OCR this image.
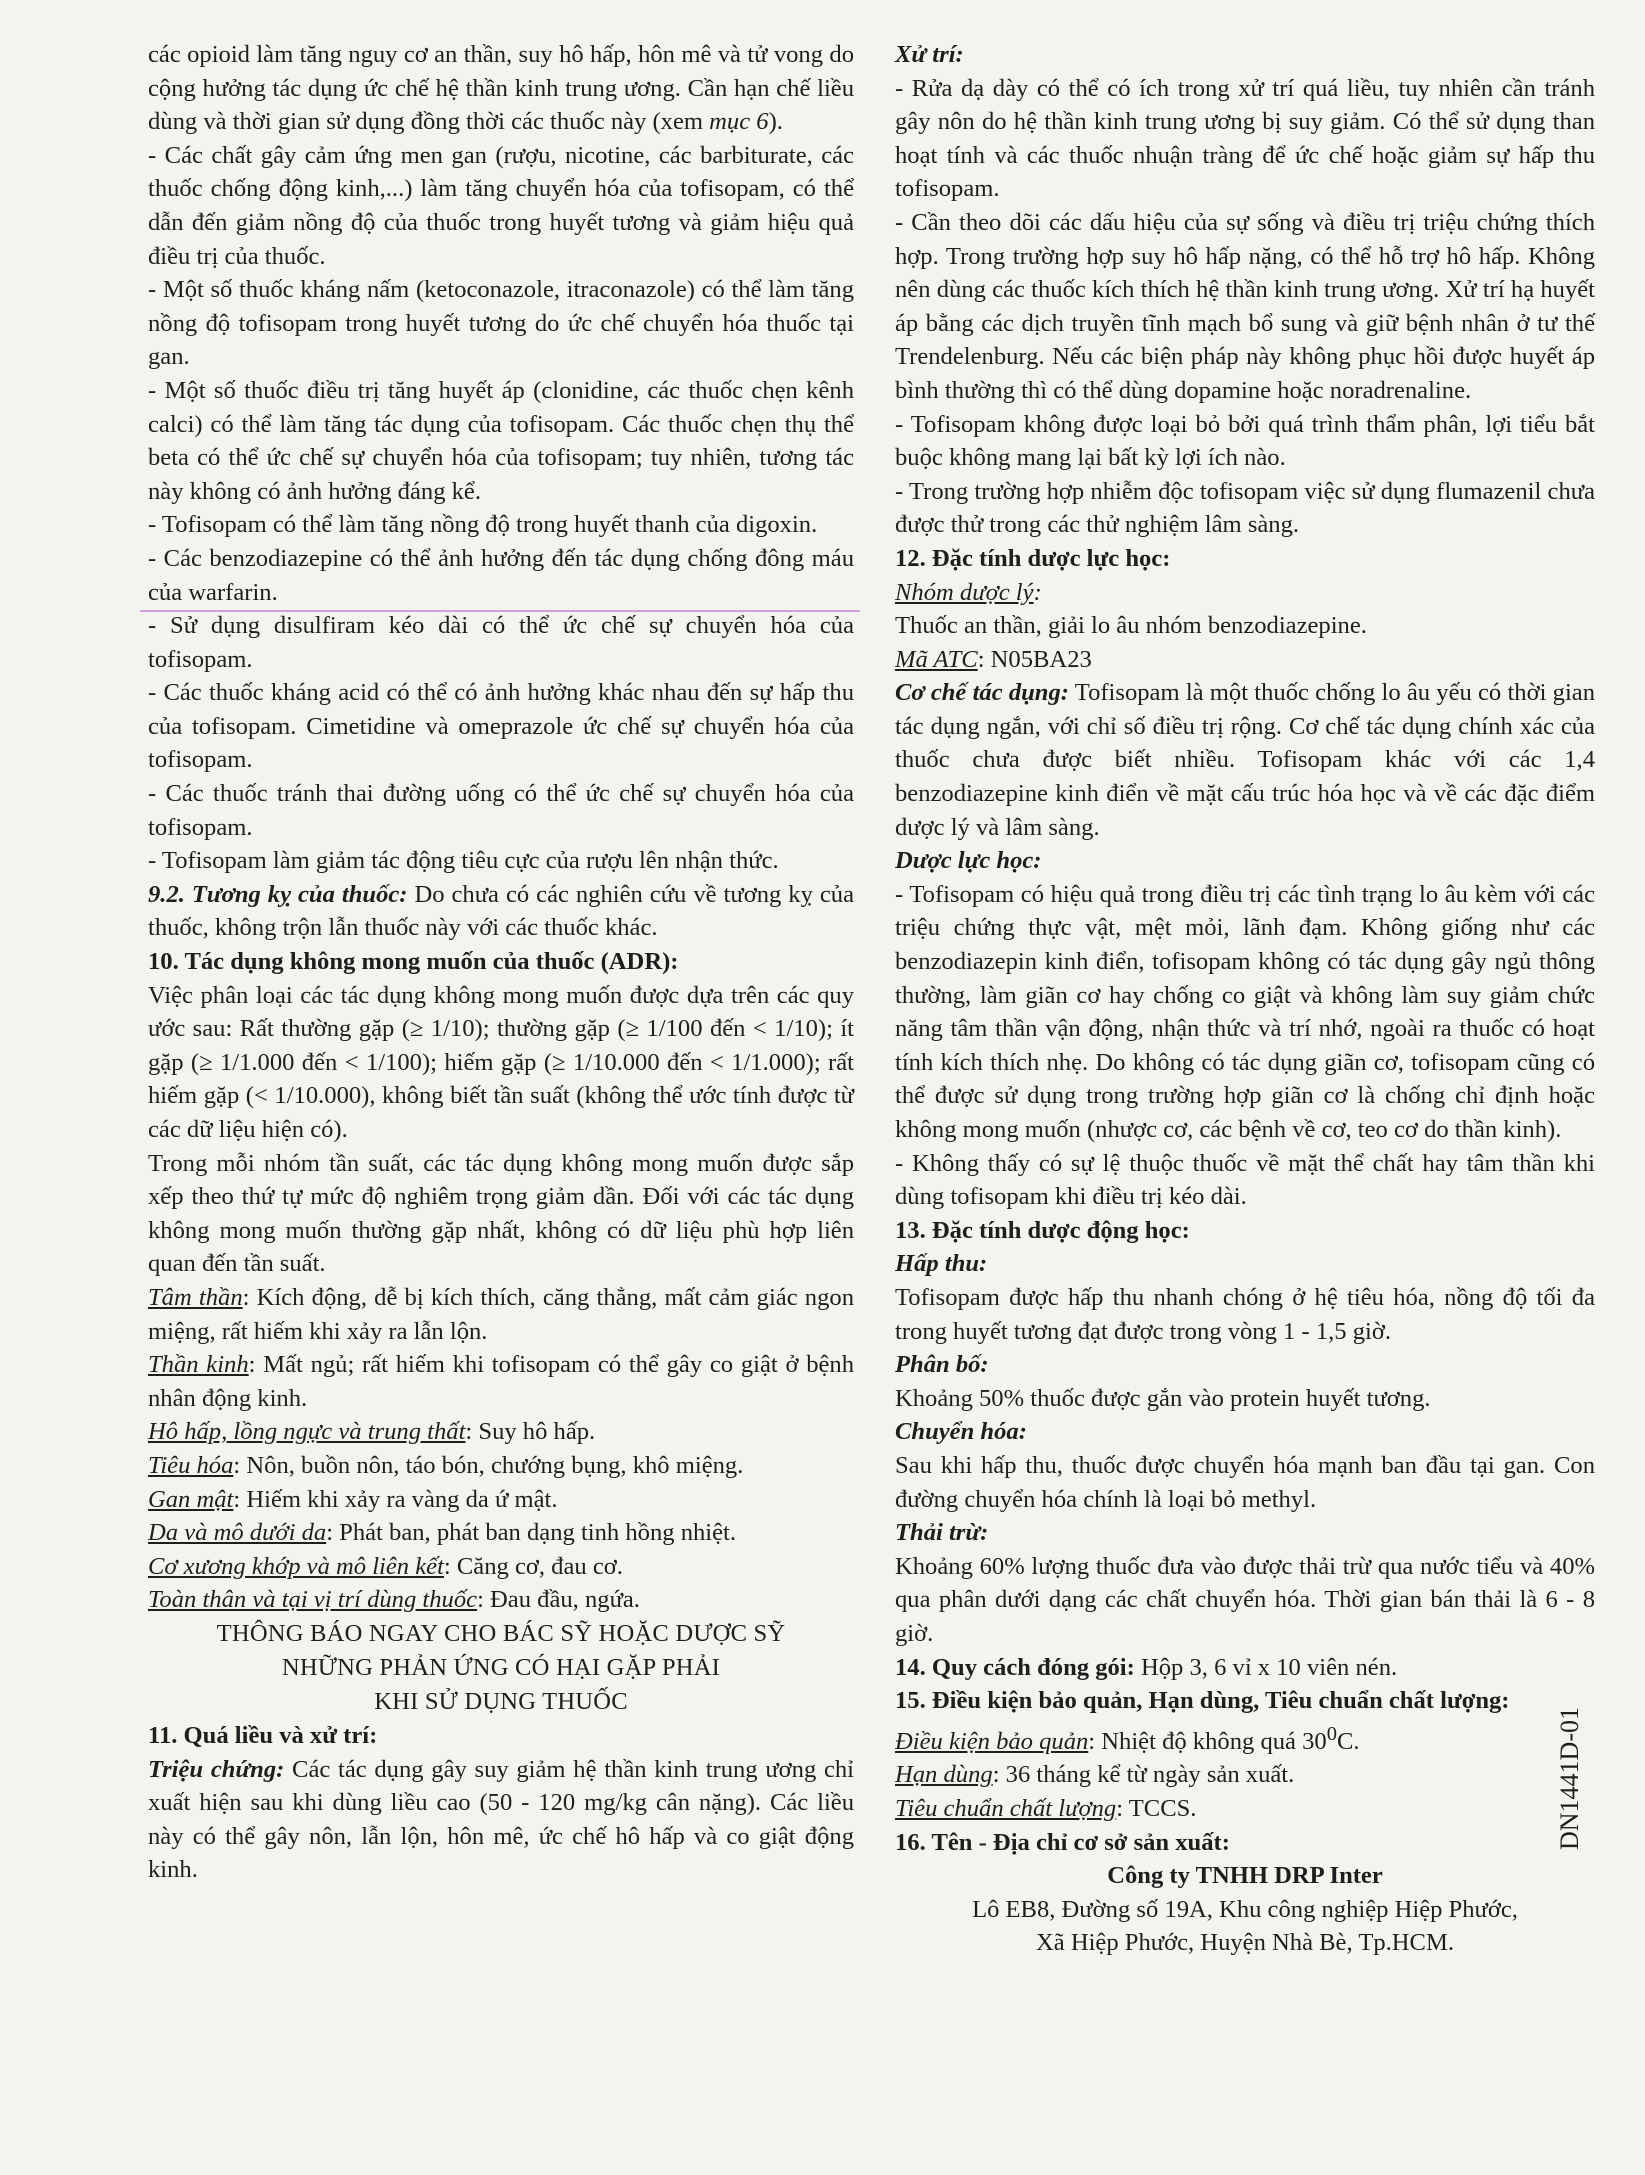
các opioid làm tăng nguy cơ an thần, suy hô hấp, hôn mê và tử vong do cộng hưởng tác dụng ức chế hệ thần kinh trung ương. Cần hạn chế liều dùng và thời gian sử dụng đồng thời các thuốc này (xem mục 6).

- Các chất gây cảm ứng men gan (rượu, nicotine, các barbiturate, các thuốc chống động kinh,...) làm tăng chuyển hóa của tofisopam, có thể dẫn đến giảm nồng độ của thuốc trong huyết tương và giảm hiệu quả điều trị của thuốc.

- Một số thuốc kháng nấm (ketoconazole, itraconazole) có thể làm tăng nồng độ tofisopam trong huyết tương do ức chế chuyển hóa thuốc tại gan.

- Một số thuốc điều trị tăng huyết áp (clonidine, các thuốc chẹn kênh calci) có thể làm tăng tác dụng của tofisopam. Các thuốc chẹn thụ thể beta có thể ức chế sự chuyển hóa của tofisopam; tuy nhiên, tương tác này không có ảnh hưởng đáng kể.

- Tofisopam có thể làm tăng nồng độ trong huyết thanh của digoxin.

- Các benzodiazepine có thể ảnh hưởng đến tác dụng chống đông máu của warfarin.

- Sử dụng disulfiram kéo dài có thể ức chế sự chuyển hóa của tofisopam.

- Các thuốc kháng acid có thể có ảnh hưởng khác nhau đến sự hấp thu của tofisopam. Cimetidine và omeprazole ức chế sự chuyển hóa của tofisopam.

- Các thuốc tránh thai đường uống có thể ức chế sự chuyển hóa của tofisopam.

- Tofisopam làm giảm tác động tiêu cực của rượu lên nhận thức.

9.2. Tương kỵ của thuốc: Do chưa có các nghiên cứu về tương kỵ của thuốc, không trộn lẫn thuốc này với các thuốc khác.

10. Tác dụng không mong muốn của thuốc (ADR):

Việc phân loại các tác dụng không mong muốn được dựa trên các quy ước sau: Rất thường gặp (≥ 1/10); thường gặp (≥ 1/100 đến < 1/10); ít gặp (≥ 1/1.000 đến < 1/100); hiếm gặp (≥ 1/10.000 đến < 1/1.000); rất hiếm gặp (< 1/10.000), không biết tần suất (không thể ước tính được từ các dữ liệu hiện có).

Trong mỗi nhóm tần suất, các tác dụng không mong muốn được sắp xếp theo thứ tự mức độ nghiêm trọng giảm dần. Đối với các tác dụng không mong muốn thường gặp nhất, không có dữ liệu phù hợp liên quan đến tần suất.

Tâm thần: Kích động, dễ bị kích thích, căng thẳng, mất cảm giác ngon miệng, rất hiếm khi xảy ra lẫn lộn.

Thần kinh: Mất ngủ; rất hiếm khi tofisopam có thể gây co giật ở bệnh nhân động kinh.

Hô hấp, lồng ngực và trung thất: Suy hô hấp.

Tiêu hóa: Nôn, buồn nôn, táo bón, chướng bụng, khô miệng.

Gan mật: Hiếm khi xảy ra vàng da ứ mật.

Da và mô dưới da: Phát ban, phát ban dạng tinh hồng nhiệt.

Cơ xương khớp và mô liên kết: Căng cơ, đau cơ.

Toàn thân và tại vị trí dùng thuốc: Đau đầu, ngứa.

THÔNG BÁO NGAY CHO BÁC SỸ HOẶC DƯỢC SỸ
NHỮNG PHẢN ỨNG CÓ HẠI GẶP PHẢI
KHI SỬ DỤNG THUỐC

11. Quá liều và xử trí:

Triệu chứng: Các tác dụng gây suy giảm hệ thần kinh trung ương chỉ xuất hiện sau khi dùng liều cao (50 - 120 mg/kg cân nặng). Các liều này có thể gây nôn, lẫn lộn, hôn mê, ức chế hô hấp và co giật động kinh.

Xử trí:

- Rửa dạ dày có thể có ích trong xử trí quá liều, tuy nhiên cần tránh gây nôn do hệ thần kinh trung ương bị suy giảm. Có thể sử dụng than hoạt tính và các thuốc nhuận tràng để ức chế hoặc giảm sự hấp thu tofisopam.

- Cần theo dõi các dấu hiệu của sự sống và điều trị triệu chứng thích hợp. Trong trường hợp suy hô hấp nặng, có thể hỗ trợ hô hấp. Không nên dùng các thuốc kích thích hệ thần kinh trung ương. Xử trí hạ huyết áp bằng các dịch truyền tĩnh mạch bổ sung và giữ bệnh nhân ở tư thế Trendelenburg. Nếu các biện pháp này không phục hồi được huyết áp bình thường thì có thể dùng dopamine hoặc noradrenaline.

- Tofisopam không được loại bỏ bởi quá trình thẩm phân, lợi tiểu bắt buộc không mang lại bất kỳ lợi ích nào.

- Trong trường hợp nhiễm độc tofisopam việc sử dụng flumazenil chưa được thử trong các thử nghiệm lâm sàng.

12. Đặc tính dược lực học:

Nhóm dược lý:

Thuốc an thần, giải lo âu nhóm benzodiazepine.

Mã ATC: N05BA23

Cơ chế tác dụng: Tofisopam là một thuốc chống lo âu yếu có thời gian tác dụng ngắn, với chỉ số điều trị rộng. Cơ chế tác dụng chính xác của thuốc chưa được biết nhiều. Tofisopam khác với các 1,4 benzodiazepine kinh điển về mặt cấu trúc hóa học và về các đặc điểm dược lý và lâm sàng.

Dược lực học:

- Tofisopam có hiệu quả trong điều trị các tình trạng lo âu kèm với các triệu chứng thực vật, mệt mỏi, lãnh đạm. Không giống như các benzodiazepin kinh điển, tofisopam không có tác dụng gây ngủ thông thường, làm giãn cơ hay chống co giật và không làm suy giảm chức năng tâm thần vận động, nhận thức và trí nhớ, ngoài ra thuốc có hoạt tính kích thích nhẹ. Do không có tác dụng giãn cơ, tofisopam cũng có thể được sử dụng trong trường hợp giãn cơ là chống chỉ định hoặc không mong muốn (nhược cơ, các bệnh về cơ, teo cơ do thần kinh).

- Không thấy có sự lệ thuộc thuốc về mặt thể chất hay tâm thần khi dùng tofisopam khi điều trị kéo dài.

13. Đặc tính dược động học:

Hấp thu:

Tofisopam được hấp thu nhanh chóng ở hệ tiêu hóa, nồng độ tối đa trong huyết tương đạt được trong vòng 1 - 1,5 giờ.

Phân bố:

Khoảng 50% thuốc được gắn vào protein huyết tương.

Chuyển hóa:

Sau khi hấp thu, thuốc được chuyển hóa mạnh ban đầu tại gan. Con đường chuyển hóa chính là loại bỏ methyl.

Thải trừ:

Khoảng 60% lượng thuốc đưa vào được thải trừ qua nước tiểu và 40% qua phân dưới dạng các chất chuyển hóa. Thời gian bán thải là 6 - 8 giờ.

14. Quy cách đóng gói: Hộp 3, 6 vỉ x 10 viên nén.

15. Điều kiện bảo quản, Hạn dùng, Tiêu chuẩn chất lượng:

Điều kiện bảo quản: Nhiệt độ không quá $30^0C$.

Hạn dùng: 36 tháng kể từ ngày sản xuất.

Tiêu chuẩn chất lượng: TCCS.

16. Tên - Địa chỉ cơ sở sản xuất:

Công ty TNHH DRP Inter

Lô EB8, Đường số 19A, Khu công nghiệp Hiệp Phước,

Xã Hiệp Phước, Huyện Nhà Bè, Tp.HCM.

DN1441D-01
